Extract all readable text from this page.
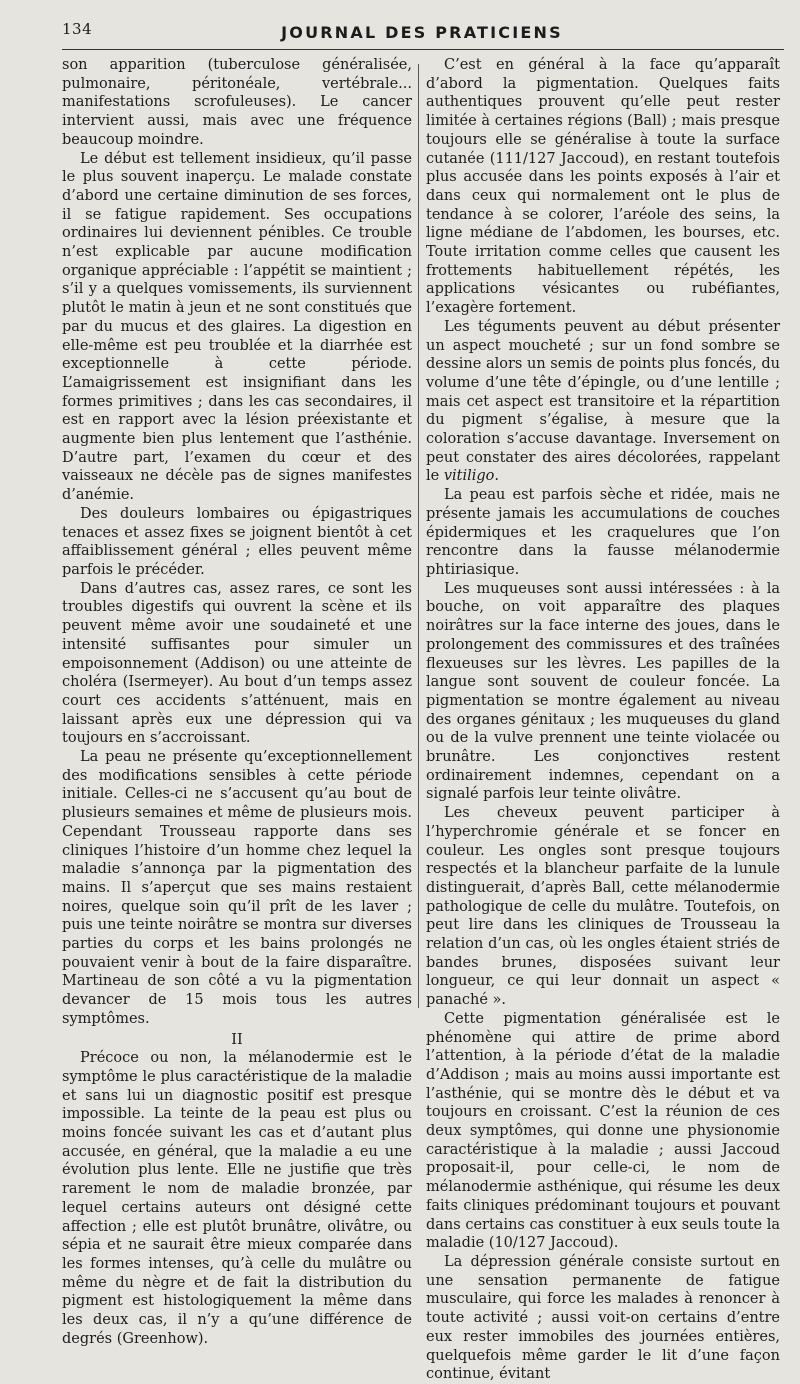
134	JOURNAL DES PRATICIENS

son apparition (tuberculose généralisée, pulmonaire, péritonéale, vertébrale... manifestations scrofuleuses). Le cancer intervient aussi, mais avec une fréquence beaucoup moindre.

Le début est tellement insidieux, qu’il passe le plus souvent inaperçu. Le malade constate d’abord une certaine diminution de ses forces, il se fatigue rapidement. Ses occupations ordinaires lui deviennent pénibles. Ce trouble n’est explicable par aucune modification organique appréciable : l’appétit se maintient ; s’il y a quelques vomissements, ils surviennent plutôt le matin à jeun et ne sont constitués que par du mucus et des glaires. La digestion en elle-même est peu troublée et la diarrhée est exceptionnelle à cette période. L’amaigrissement est insignifiant dans les formes primitives ; dans les cas secondaires, il est en rapport avec la lésion préexistante et augmente bien plus lentement que l’asthénie. D’autre part, l’examen du cœur et des vaisseaux ne décèle pas de signes manifestes d’anémie.

Des douleurs lombaires ou épigastriques tenaces et assez fixes se joignent bientôt à cet affaiblissement général ; elles peuvent même parfois le précéder.

Dans d’autres cas, assez rares, ce sont les troubles digestifs qui ouvrent la scène et ils peuvent même avoir une soudaineté et une intensité suffisantes pour simuler un empoisonnement (Addison) ou une atteinte de choléra (Isermeyer). Au bout d’un temps assez court ces accidents s’atténuent, mais en laissant après eux une dépression qui va toujours en s’accroissant.

La peau ne présente qu’exceptionnellement des modifications sensibles à cette période initiale. Celles-ci ne s’accusent qu’au bout de plusieurs semaines et même de plusieurs mois. Cependant Trousseau rapporte dans ses cliniques l’histoire d’un homme chez lequel la maladie s’annonça par la pigmentation des mains. Il s’aperçut que ses mains restaient noires, quelque soin qu’il prît de les laver ; puis une teinte noirâtre se montra sur diverses parties du corps et les bains prolongés ne pouvaient venir à bout de la faire disparaître. Martineau de son côté a vu la pigmentation devancer de 15 mois tous les autres symptômes.

II

Précoce ou non, la mélanodermie est le symptôme le plus caractéristique de la maladie et sans lui un diagnostic positif est presque impossible. La teinte de la peau est plus ou moins foncée suivant les cas et d’autant plus accusée, en général, que la maladie a eu une évolution plus lente. Elle ne justifie que très rarement le nom de maladie bronzée, par lequel certains auteurs ont désigné cette affection ; elle est plutôt brunâtre, olivâtre, ou sépia et ne saurait être mieux comparée dans les formes intenses, qu’à celle du mulâtre ou même du nègre et de fait la distribution du pigment est histologiquement la même dans les deux cas, il n’y a qu’une différence de degrés (Greenhow).

C’est en général à la face qu’apparaît d’abord la pigmentation. Quelques faits authentiques prouvent qu’elle peut rester limitée à certaines régions (Ball) ; mais presque toujours elle se généralise à toute la surface cutanée (111/127 Jaccoud), en restant toutefois plus accusée dans les points exposés à l’air et dans ceux qui normalement ont le plus de tendance à se colorer, l’aréole des seins, la ligne médiane de l’abdomen, les bourses, etc. Toute irritation comme celles que causent les frottements habituellement répétés, les applications vésicantes ou rubéfiantes, l’exagère fortement.

Les téguments peuvent au début présenter un aspect moucheté ; sur un fond sombre se dessine alors un semis de points plus foncés, du volume d’une tête d’épingle, ou d’une lentille ; mais cet aspect est transitoire et la répartition du pigment s’égalise, à mesure que la coloration s’accuse davantage. Inversement on peut constater des aires décolorées, rappelant le vitiligo.

La peau est parfois sèche et ridée, mais ne présente jamais les accumulations de couches épidermiques et les craquelures que l’on rencontre dans la fausse mélanodermie phtiriasique.

Les muqueuses sont aussi intéressées : à la bouche, on voit apparaître des plaques noirâtres sur la face interne des joues, dans le prolongement des commissures et des traînées flexueuses sur les lèvres. Les papilles de la langue sont souvent de couleur foncée. La pigmentation se montre également au niveau des organes génitaux ; les muqueuses du gland ou de la vulve prennent une teinte violacée ou brunâtre. Les conjonctives restent ordinairement indemnes, cependant on a signalé parfois leur teinte olivâtre.

Les cheveux peuvent participer à l’hyperchromie générale et se foncer en couleur. Les ongles sont presque toujours respectés et la blancheur parfaite de la lunule distinguerait, d’après Ball, cette mélanodermie pathologique de celle du mulâtre. Toutefois, on peut lire dans les cliniques de Trousseau la relation d’un cas, où les ongles étaient striés de bandes brunes, disposées suivant leur longueur, ce qui leur donnait un aspect « panaché ».

Cette pigmentation généralisée est le phénomène qui attire de prime abord l’attention, à la période d’état de la maladie d’Addison ; mais au moins aussi importante est l’asthénie, qui se montre dès le début et va toujours en croissant. C’est la réunion de ces deux symptômes, qui donne une physionomie caractéristique à la maladie ; aussi Jaccoud proposait-il, pour celle-ci, le nom de mélanodermie asthénique, qui résume les deux faits cliniques prédominant toujours et pouvant dans certains cas constituer à eux seuls toute la maladie (10/127 Jaccoud).

La dépression générale consiste surtout en une sensation permanente de fatigue musculaire, qui force les malades à renoncer à toute activité ; aussi voit-on certains d’entre eux rester immobiles des journées entières, quelquefois même garder le lit d’une façon continue, évitant
